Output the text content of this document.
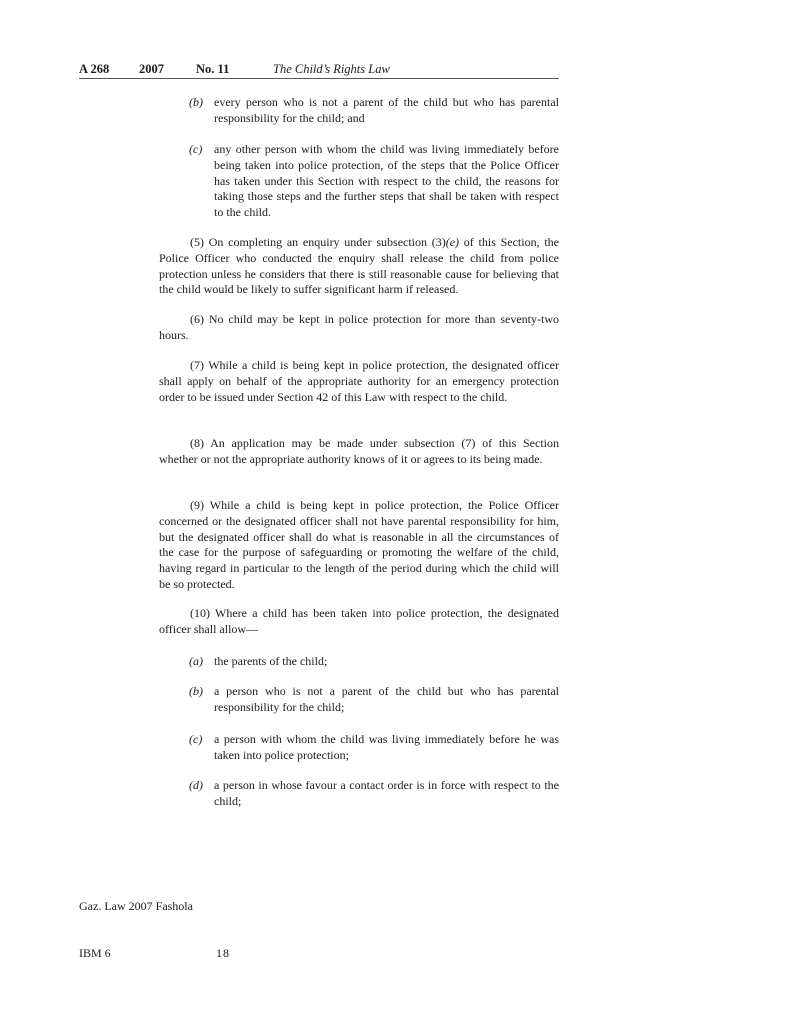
A 268 2007	No. 11	The Child’s Rights Law
(b) every person who is not a parent of the child but who has parental responsibility for the child; and
(c) any other person with whom the child was living immediately before being taken into police protection, of the steps that the Police Officer has taken under this Section with respect to the child, the reasons for taking those steps and the further steps that shall be taken with respect to the child.
(5) On completing an enquiry under subsection (3)(e) of this Section, the Police Officer who conducted the enquiry shall release the child from police protection unless he considers that there is still reasonable cause for believing that the child would be likely to suffer significant harm if released.
(6) No child may be kept in police protection for more than seventy-two hours.
(7) While a child is being kept in police protection, the designated officer shall apply on behalf of the appropriate authority for an emergency protection order to be issued under Section 42 of this Law with respect to the child.
(8) An application may be made under subsection (7) of this Section whether or not the appropriate authority knows of it or agrees to its being made.
(9) While a child is being kept in police protection, the Police Officer concerned or the designated officer shall not have parental responsibility for him, but the designated officer shall do what is reasonable in all the circumstances of the case for the purpose of safeguarding or promoting the welfare of the child, having regard in particular to the length of the period during which the child will be so protected.
(10) Where a child has been taken into police protection, the designated officer shall allow—
(a) the parents of the child;
(b) a person who is not a parent of the child but who has parental responsibility for the child;
(c) a person with whom the child was living immediately before he was taken into police protection;
(d) a person in whose favour a contact order is in force with respect to the child;
Gaz. Law 2007 Fashola
IBM 6	18
